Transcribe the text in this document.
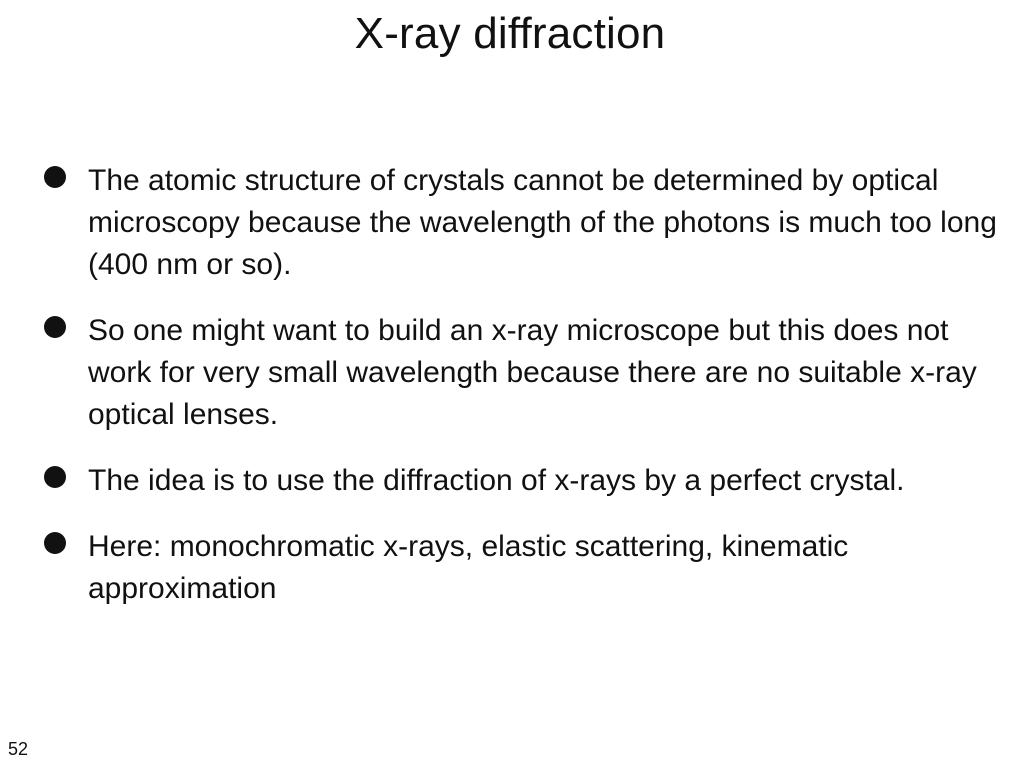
X-ray diffraction

The atomic structure of crystals cannot be determined by optical microscopy because the wavelength of the photons is much too long (400 nm or so).

So one might want to build an x-ray microscope but this does not work for very small wavelength because there are no suitable x-ray optical lenses.

The idea is to use the diffraction of x-rays by a perfect crystal.

Here: monochromatic x-rays, elastic scattering, kinematic approximation

52
